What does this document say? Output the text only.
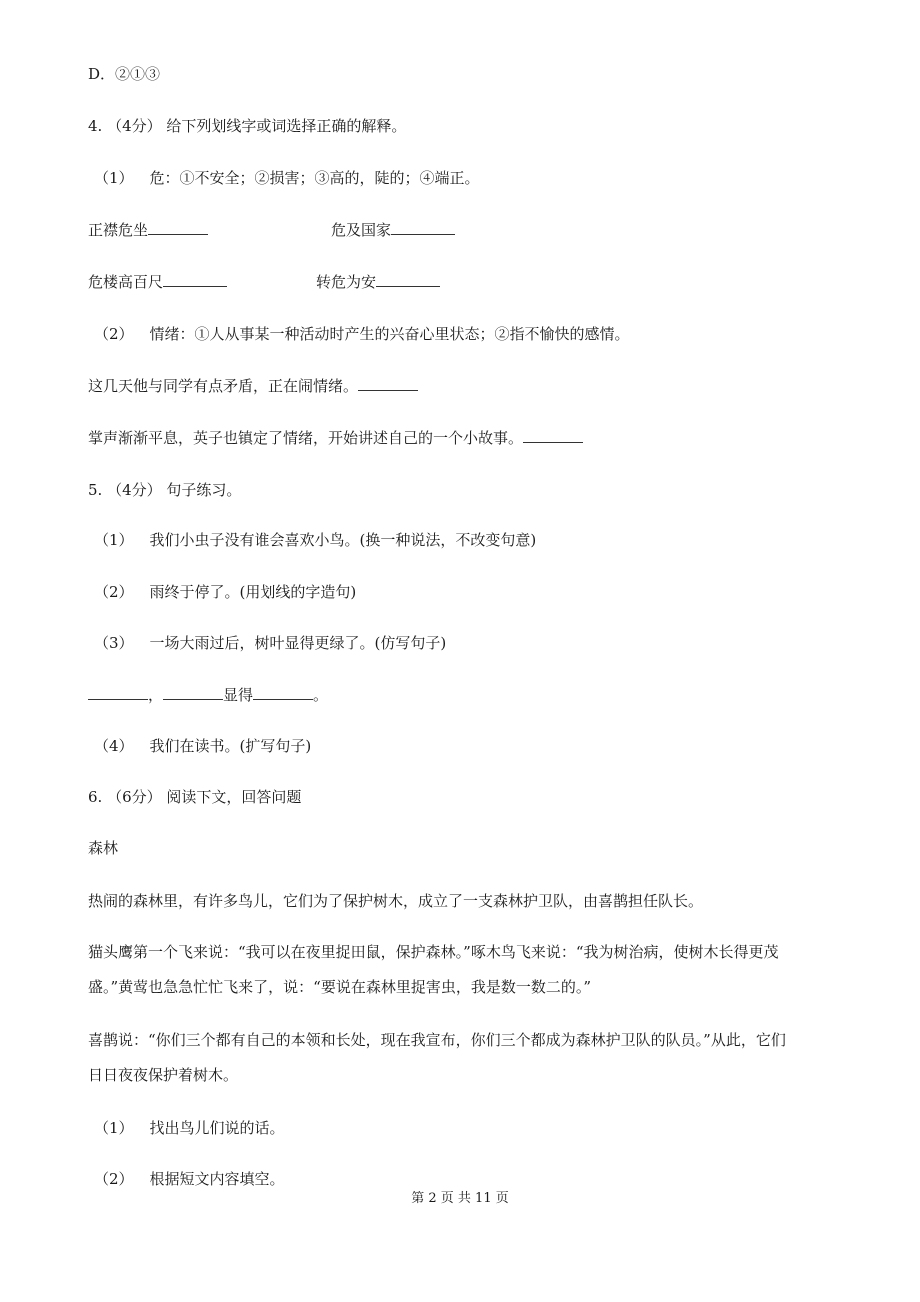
D．②①③
4. （4分） 给下列划线字或词选择正确的解释。
（1） 危：①不安全；②损害；③高的，陡的；④端正。
正襟危坐	危及国家
危楼高百尺	转危为安
（2） 情绪：①人从事某一种活动时产生的兴奋心里状态；②指不愉快的感情。
这几天他与同学有点矛盾，正在闹情绪。
掌声渐渐平息，英子也镇定了情绪，开始讲述自己的一个小故事。
5. （4分） 句子练习。
（1） 我们小虫子没有谁会喜欢小鸟。(换一种说法，不改变句意)
（2） 雨终于停了。(用划线的字造句)
（3） 一场大雨过后，树叶显得更绿了。(仿写句子)
，	显得	。
（4） 我们在读书。(扩写句子)
6. （6分） 阅读下文，回答问题
森林
热闹的森林里，有许多鸟儿，它们为了保护树木，成立了一支森林护卫队，由喜鹊担任队长。
猫头鹰第一个飞来说：“我可以在夜里捉田鼠，保护森林。”啄木鸟飞来说：“我为树治病，使树木长得更茂
盛。”黄莺也急急忙忙飞来了，说：“要说在森林里捉害虫，我是数一数二的。”
喜鹊说：“你们三个都有自己的本领和长处，现在我宣布，你们三个都成为森林护卫队的队员。”从此，它们
日日夜夜保护着树木。
（1） 找出鸟儿们说的话。
（2） 根据短文内容填空。
第 2 页 共 11 页
